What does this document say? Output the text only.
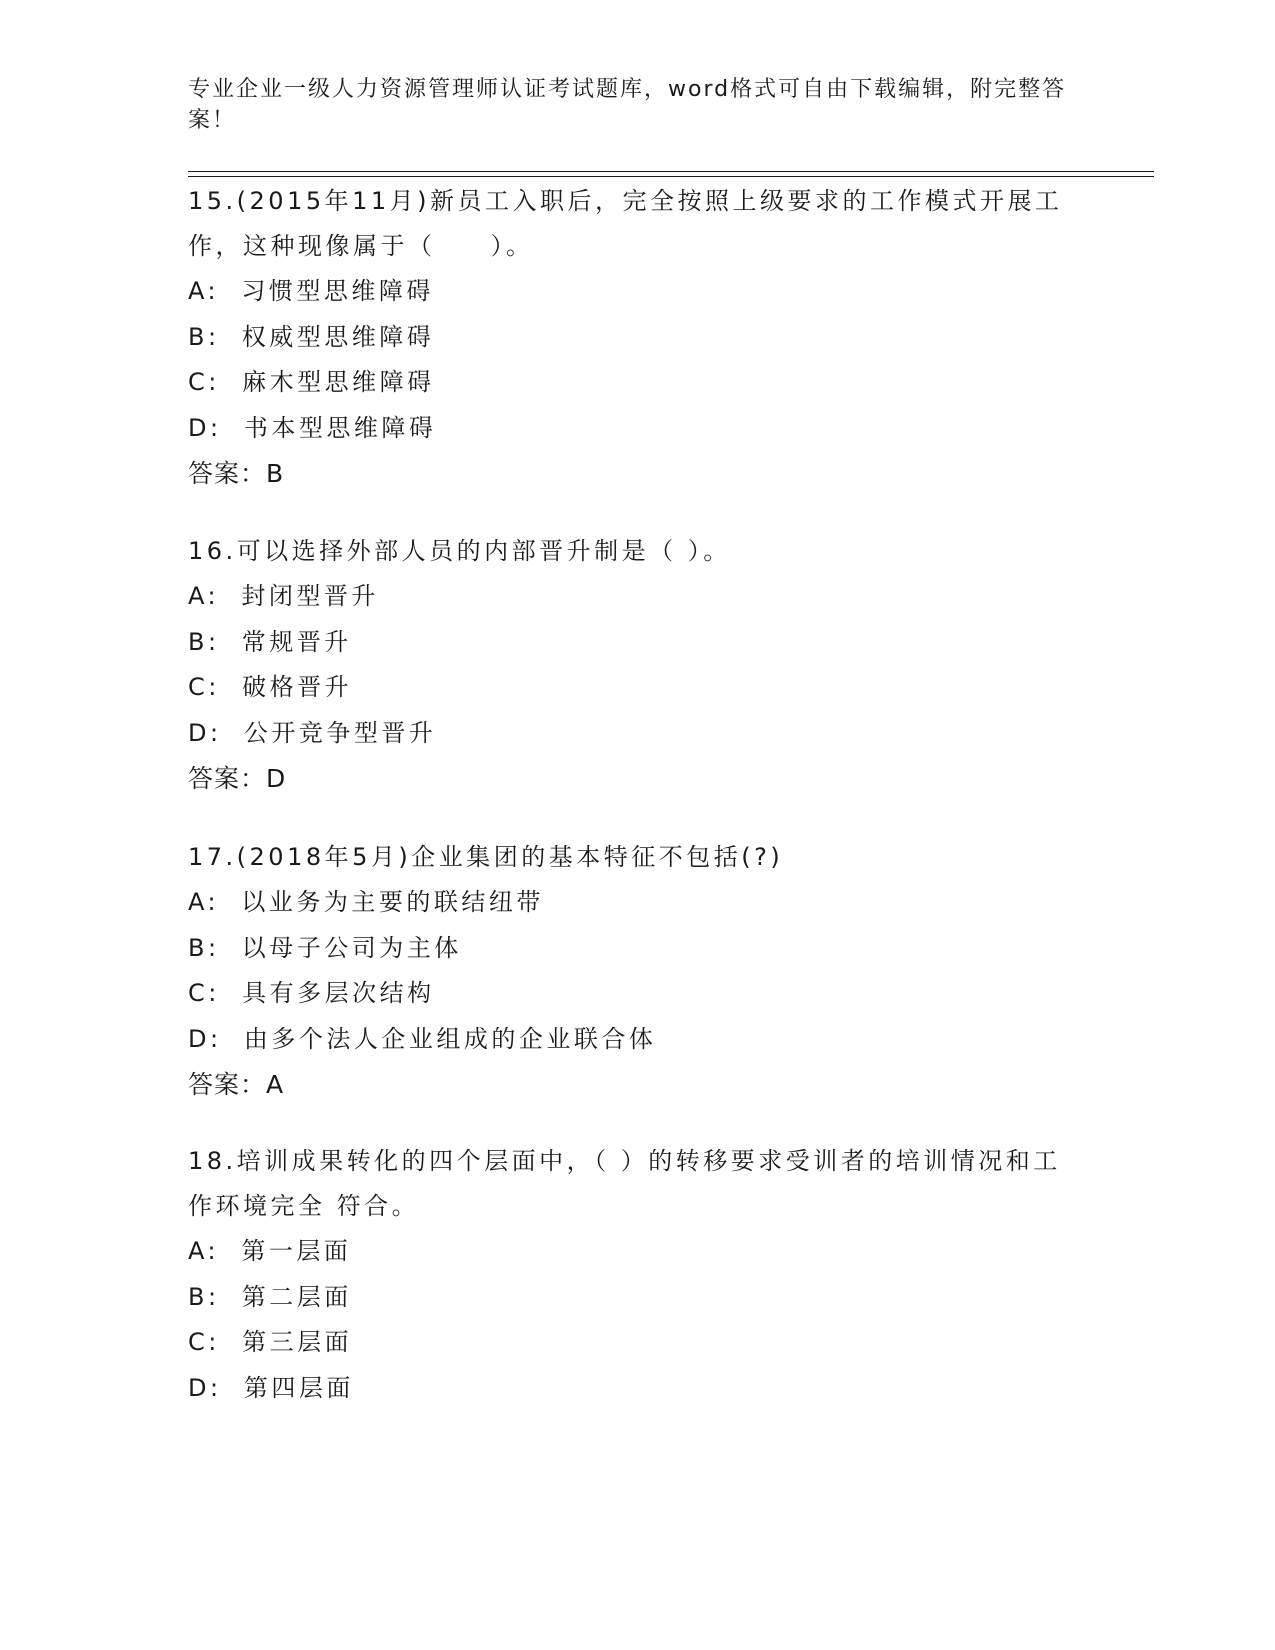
专业企业一级人力资源管理师认证考试题库，word格式可自由下载编辑，附完整答案！
15.(2015年11月)新员工入职后，完全按照上级要求的工作模式开展工作，这种现像属于（　　）。
A:  习惯型思维障碍
B:  权威型思维障碍
C:  麻木型思维障碍
D:  书本型思维障碍
答案：B
16.可以选择外部人员的内部晋升制是（ ）。
A:  封闭型晋升
B:  常规晋升
C:  破格晋升
D:  公开竞争型晋升
答案：D
17.(2018年5月)企业集团的基本特征不包括(?)
A:  以业务为主要的联结纽带
B:  以母子公司为主体
C:  具有多层次结构
D:  由多个法人企业组成的企业联合体
答案：A
18.培训成果转化的四个层面中，（ ）的转移要求受训者的培训情况和工作环境完全 符合。
A:  第一层面
B:  第二层面
C:  第三层面
D:  第四层面
